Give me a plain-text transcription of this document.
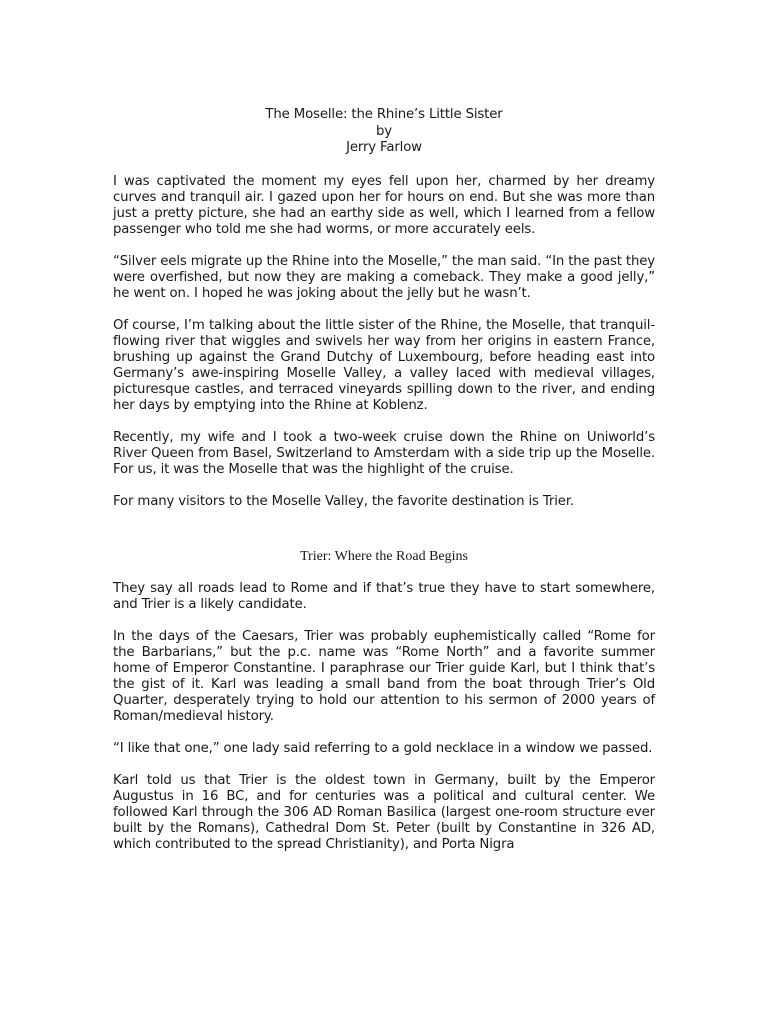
The Moselle: the Rhine’s Little Sister
by
Jerry Farlow

I was captivated the moment my eyes fell upon her, charmed by her dreamy curves and tranquil air. I gazed upon her for hours on end. But she was more than just a pretty picture, she had an earthy side as well, which I learned from a fellow passenger who told me she had worms, or more accurately eels.

“Silver eels migrate up the Rhine into the Moselle,” the man said. “In the past they were overfished, but now they are making a comeback. They make a good jelly,” he went on. I hoped he was joking about the jelly but he wasn’t.

Of course, I’m talking about the little sister of the Rhine, the Moselle, that tranquil-flowing river that wiggles and swivels her way from her origins in eastern France, brushing up against the Grand Dutchy of Luxembourg, before heading east into Germany’s awe-inspiring Moselle Valley, a valley laced with medieval villages, picturesque castles, and terraced vineyards spilling down to the river, and ending her days by emptying into the Rhine at Koblenz.

Recently, my wife and I took a two-week cruise down the Rhine on Uniworld’s River Queen from Basel, Switzerland to Amsterdam with a side trip up the Moselle. For us, it was the Moselle that was the highlight of the cruise.

For many visitors to the Moselle Valley, the favorite destination is Trier.

Trier: Where the Road Begins

They say all roads lead to Rome and if that’s true they have to start somewhere, and Trier is a likely candidate.

In the days of the Caesars, Trier was probably euphemistically called “Rome for the Barbarians,” but the p.c. name was “Rome North” and a favorite summer home of Emperor Constantine. I paraphrase our Trier guide Karl, but I think that’s the gist of it. Karl was leading a small band from the boat through Trier’s Old Quarter, desperately trying to hold our attention to his sermon of 2000 years of Roman/medieval history.

“I like that one,” one lady said referring to a gold necklace in a window we passed.

Karl told us that Trier is the oldest town in Germany, built by the Emperor Augustus in 16 BC, and for centuries was a political and cultural center. We followed Karl through the 306 AD Roman Basilica (largest one-room structure ever built by the Romans), Cathedral Dom St. Peter (built by Constantine in 326 AD, which contributed to the spread Christianity), and Porta Nigra
